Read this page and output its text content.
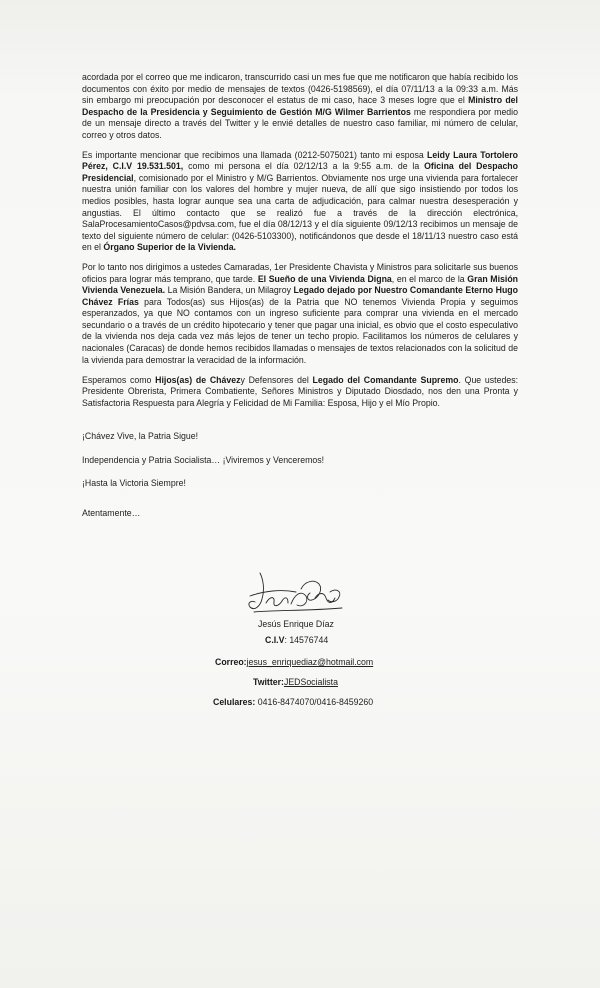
acordada por el correo que me indicaron, transcurrido casi un mes fue que me notificaron que había recibido los documentos con éxito por medio de mensajes de textos (0426-5198569), el día 07/11/13 a la 09:33 a.m. Más sin embargo mi preocupación por desconocer el estatus de mi caso, hace 3 meses logre que el Ministro del Despacho de la Presidencia y Seguimiento de Gestión M/G Wilmer Barrientos me respondiera por medio de un mensaje directo a través del Twitter y le envié detalles de nuestro caso familiar, mi número de celular, correo y otros datos.

Es importante mencionar que recibimos una llamada (0212-5075021) tanto mi esposa Leidy Laura Tortolero Pérez, C.I.V 19.531.501, como mi persona el día 02/12/13 a la 9:55 a.m. de la Oficina del Despacho Presidencial, comisionado por el Ministro y M/G Barrientos. Obviamente nos urge una vivienda para fortalecer nuestra unión familiar con los valores del hombre y mujer nueva, de allí que sigo insistiendo por todos los medios posibles, hasta lograr aunque sea una carta de adjudicación, para calmar nuestra desesperación y angustias. El último contacto que se realizó fue a través de la dirección electrónica, SalaProcesamientoCasos@pdvsa.com, fue el día 08/12/13 y el día siguiente 09/12/13 recibimos un mensaje de texto del siguiente número de celular: (0426-5103300), notificándonos que desde el 18/11/13 nuestro caso está en el Órgano Superior de la Vivienda.

Por lo tanto nos dirigimos a ustedes Camaradas, 1er Presidente Chavista y Ministros para solicitarle sus buenos oficios para lograr más temprano, que tarde. El Sueño de una Vivienda Digna, en el marco de la Gran Misión Vivienda Venezuela. La Misión Bandera, un Milagroy Legado dejado por Nuestro Comandante Eterno Hugo Chávez Frías para Todos(as) sus Hijos(as) de la Patria que NO tenemos Vivienda Propia y seguimos esperanzados, ya que NO contamos con un ingreso suficiente para comprar una vivienda en el mercado secundario o a través de un crédito hipotecario y tener que pagar una inicial, es obvio que el costo especulativo de la vivienda nos deja cada vez más lejos de tener un techo propio. Facilitamos los números de celulares y nacionales (Caracas) de donde hemos recibidos llamadas o mensajes de textos relacionados con la solicitud de la vivienda para demostrar la veracidad de la información.

Esperamos como Hijos(as) de Chávezy Defensores del Legado del Comandante Supremo. Que ustedes: Presidente Obrerista, Primera Combatiente, Señores Ministros y Diputado Diosdado, nos den una Pronta y Satisfactoria Respuesta para Alegría y Felicidad de Mi Familia: Esposa, Hijo y el Mío Propio.

¡Chávez Vive, la Patria Sigue!

Independencia y Patria Socialista… ¡Viviremos y Venceremos!

¡Hasta la Victoria Siempre!

Atentamente…

Jesús Enrique Díaz
C.I.V: 14576744
Correo:jesus_enriquediaz@hotmail.com
Twitter:JEDSocialista
Celulares: 0416-8474070/0416-8459260
